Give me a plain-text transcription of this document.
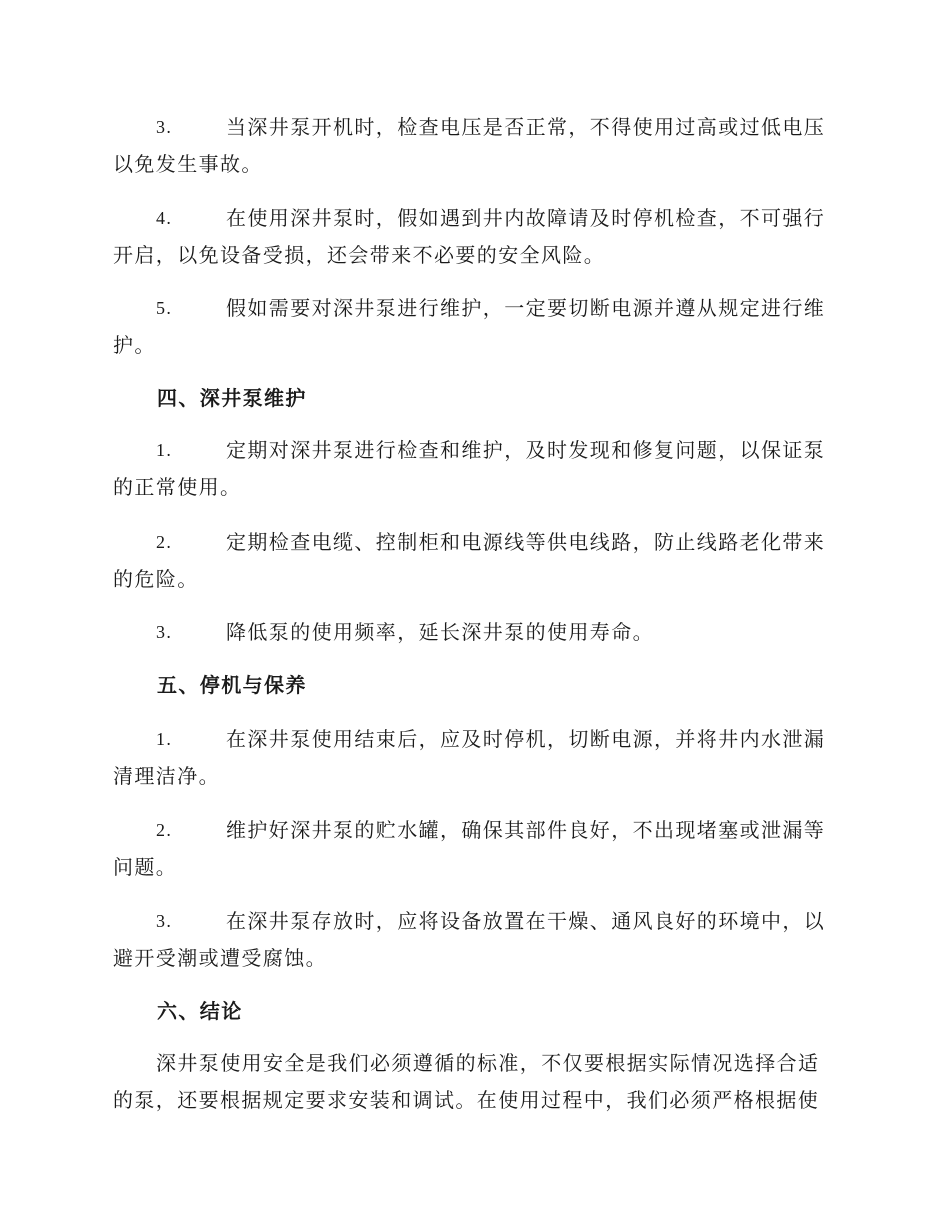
3.	当深井泵开机时，检查电压是否正常，不得使用过高或过低电压以免发生事故。
4.	在使用深井泵时，假如遇到井内故障请及时停机检查，不可强行开启，以免设备受损，还会带来不必要的安全风险。
5.	假如需要对深井泵进行维护，一定要切断电源并遵从规定进行维护。
四、深井泵维护
1.	定期对深井泵进行检查和维护，及时发现和修复问题，以保证泵的正常使用。
2.	定期检查电缆、控制柜和电源线等供电线路，防止线路老化带来的危险。
3.	降低泵的使用频率，延长深井泵的使用寿命。
五、停机与保养
1.	在深井泵使用结束后，应及时停机，切断电源，并将井内水泄漏清理洁净。
2.	维护好深井泵的贮水罐，确保其部件良好，不出现堵塞或泄漏等问题。
3.	在深井泵存放时，应将设备放置在干燥、通风良好的环境中，以避开受潮或遭受腐蚀。
六、结论

深井泵使用安全是我们必须遵循的标准，不仅要根据实际情况选择合适的泵，还要根据规定要求安装和调试。在使用过程中，我们必须严格根据使
